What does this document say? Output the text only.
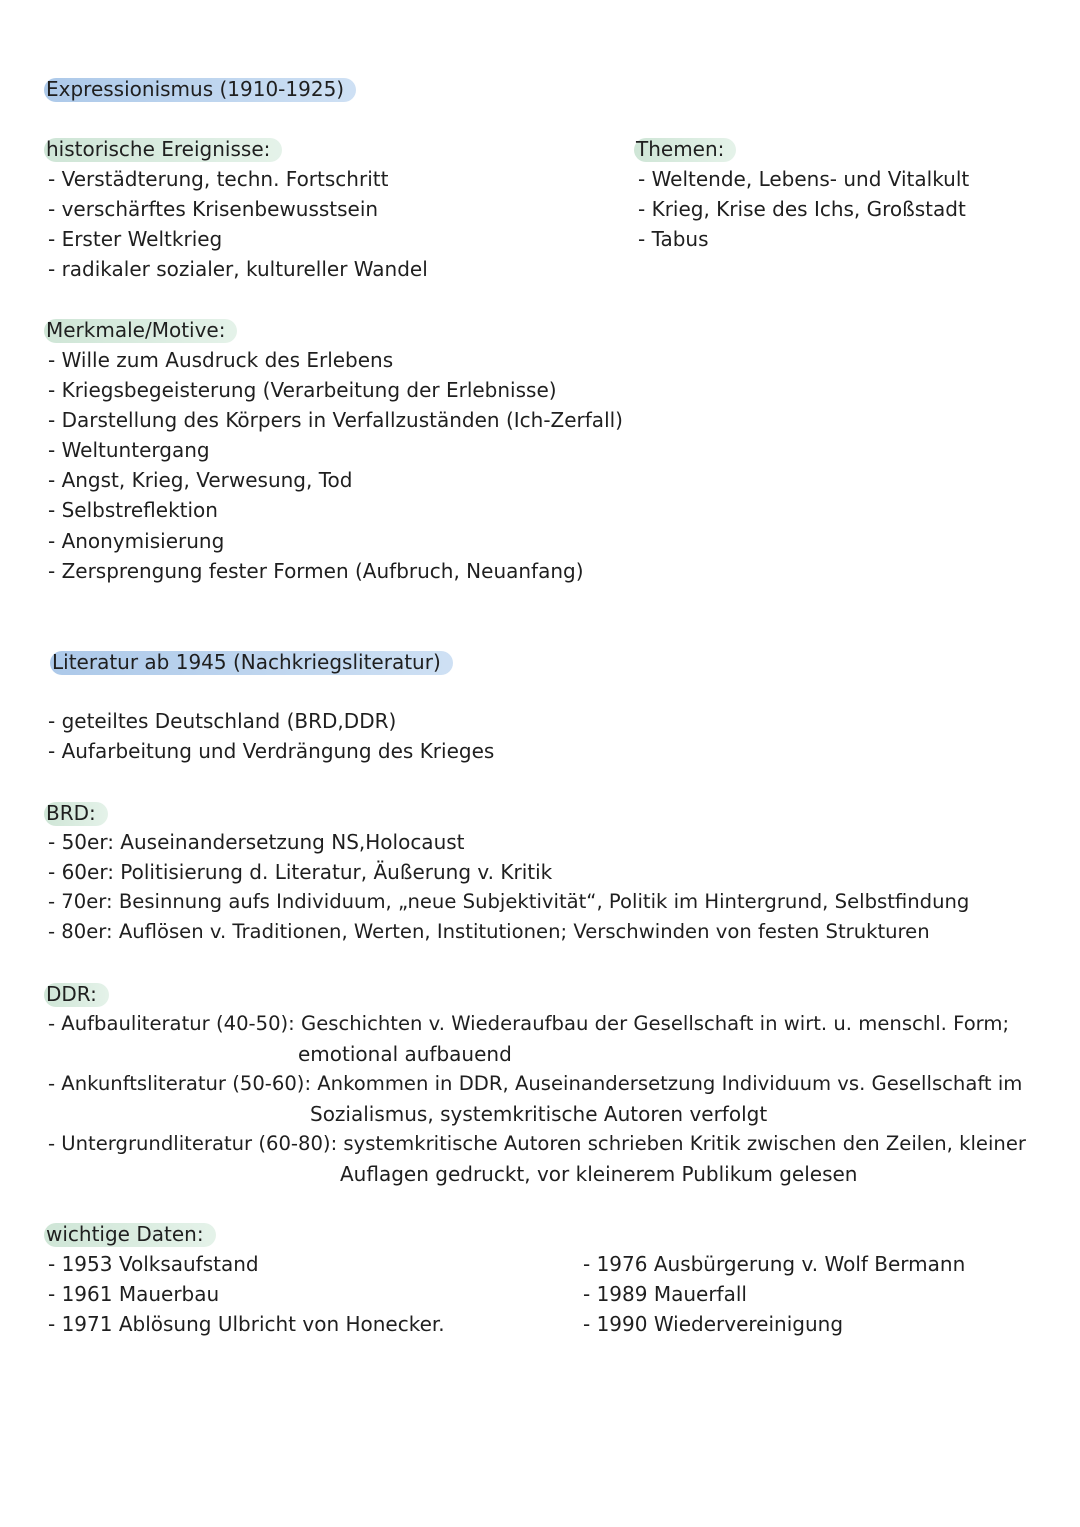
Expressionismus (1910-1925)
historische Ereignisse:
- Verstädterung, techn. Fortschritt
- verschärftes Krisenbewusstsein
- Erster Weltkrieg
- radikaler sozialer, kultureller Wandel
Themen:
- Weltende, Lebens- und Vitalkult
- Krieg, Krise des Ichs, Großstadt
- Tabus
Merkmale/Motive:
- Wille zum Ausdruck des Erlebens
- Kriegsbegeisterung (Verarbeitung der Erlebnisse)
- Darstellung des Körpers in Verfallzuständen (Ich-Zerfall)
- Weltuntergang
- Angst, Krieg, Verwesung, Tod
- Selbstreflektion
- Anonymisierung
- Zersprengung fester Formen (Aufbruch, Neuanfang)
Literatur ab 1945 (Nachkriegsliteratur)
- geteiltes Deutschland (BRD,DDR)
- Aufarbeitung und Verdrängung des Krieges
BRD:
- 50er: Auseinandersetzung NS,Holocaust
- 60er: Politisierung d. Literatur, Äußerung v. Kritik
- 70er: Besinnung aufs Individuum, „neue Subjektivität“, Politik im Hintergrund, Selbstfindung
- 80er: Auflösen v. Traditionen, Werten, Institutionen; Verschwinden von festen Strukturen
DDR:
- Aufbauliteratur (40-50): Geschichten v. Wiederaufbau der Gesellschaft in wirt. u. menschl. Form;
emotional aufbauend
- Ankunftsliteratur (50-60): Ankommen in DDR, Auseinandersetzung Individuum vs. Gesellschaft im
Sozialismus, systemkritische Autoren verfolgt
- Untergrundliteratur (60-80): systemkritische Autoren schrieben Kritik zwischen den Zeilen, kleiner
Auflagen gedruckt, vor kleinerem Publikum gelesen
wichtige Daten:
- 1953 Volksaufstand
- 1961 Mauerbau
- 1971 Ablösung Ulbricht von Honecker.
- 1976 Ausbürgerung v. Wolf Bermann
- 1989 Mauerfall
- 1990 Wiedervereinigung
